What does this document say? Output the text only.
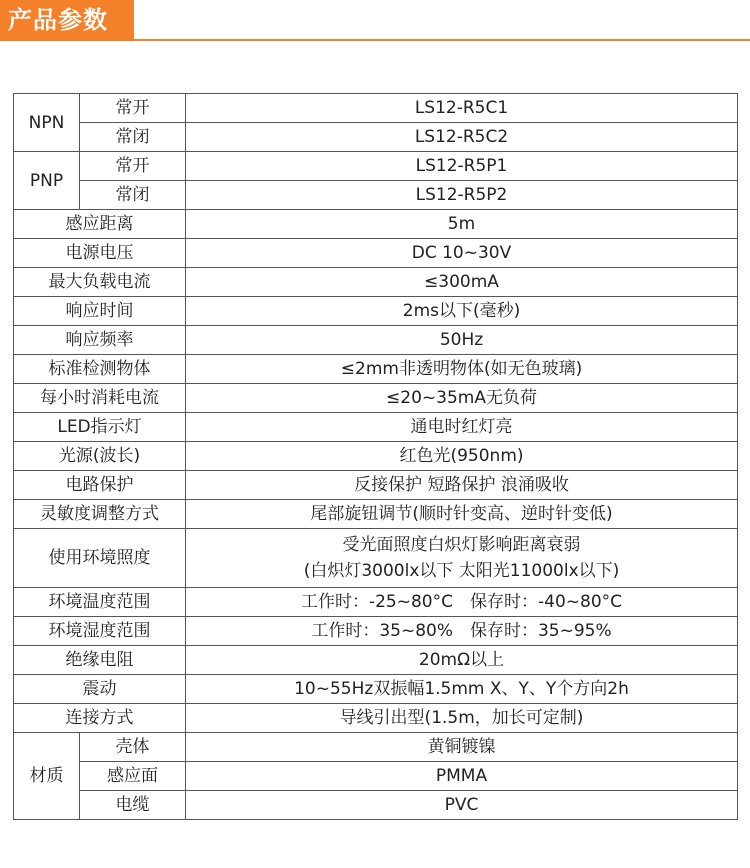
产品参数
NPN	常开	LS12-R5C1
	常闭	LS12-R5C2
PNP	常开	LS12-R5P1
	常闭	LS12-R5P2
感应距离		5m
电源电压		DC 10~30V
最大负载电流		≤300mA
响应时间		2ms以下(毫秒)
响应频率		50Hz
标准检测物体		≤2mm非透明物体(如无色玻璃)
每小时消耗电流		≤20~35mA无负荷
LED指示灯		通电时红灯亮
光源(波长)		红色光(950nm)
电路保护		反接保护 短路保护 浪涌吸收
灵敏度调整方式		尾部旋钮调节(顺时针变高、逆时针变低)
使用环境照度		受光面照度白炽灯影响距离衰弱
(白炽灯3000lx以下 太阳光11000lx以下)

环境温度范围		工作时：-25~80°C　保存时：-40~80°C
环境湿度范围		工作时：35~80%　保存时：35~95%
绝缘电阻		20mΩ以上
震动		10~55Hz双振幅1.5mm X、Y、Y个方向2h
连接方式		导线引出型(1.5m，加长可定制)
材质	壳体	黄铜镀镍
	感应面	PMMA
	电缆	PVC
